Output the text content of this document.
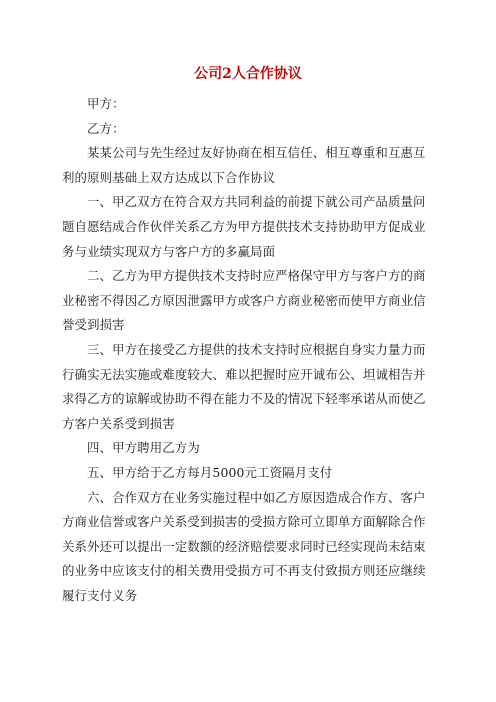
公司2人合作协议

甲方：

乙方：

某某公司与先生经过友好协商在相互信任、相互尊重和互惠互利的原则基础上双方达成以下合作协议

一、甲乙双方在符合双方共同利益的前提下就公司产品质量问题自愿结成合作伙伴关系乙方为甲方提供技术支持协助甲方促成业务与业绩实现双方与客户方的多赢局面

二、乙方为甲方提供技术支持时应严格保守甲方与客户方的商业秘密不得因乙方原因泄露甲方或客户方商业秘密而使甲方商业信誉受到损害

三、甲方在接受乙方提供的技术支持时应根据自身实力量力而行确实无法实施或难度较大、难以把握时应开诚布公、坦诚相告并求得乙方的谅解或协助不得在能力不及的情况下轻率承诺从而使乙方客户关系受到损害

四、甲方聘用乙方为

五、甲方给于乙方每月5000元工资隔月支付

六、合作双方在业务实施过程中如乙方原因造成合作方、客户方商业信誉或客户关系受到损害的受损方除可立即单方面解除合作关系外还可以提出一定数额的经济赔偿要求同时已经实现尚未结束的业务中应该支付的相关费用受损方可不再支付致损方则还应继续履行支付义务
